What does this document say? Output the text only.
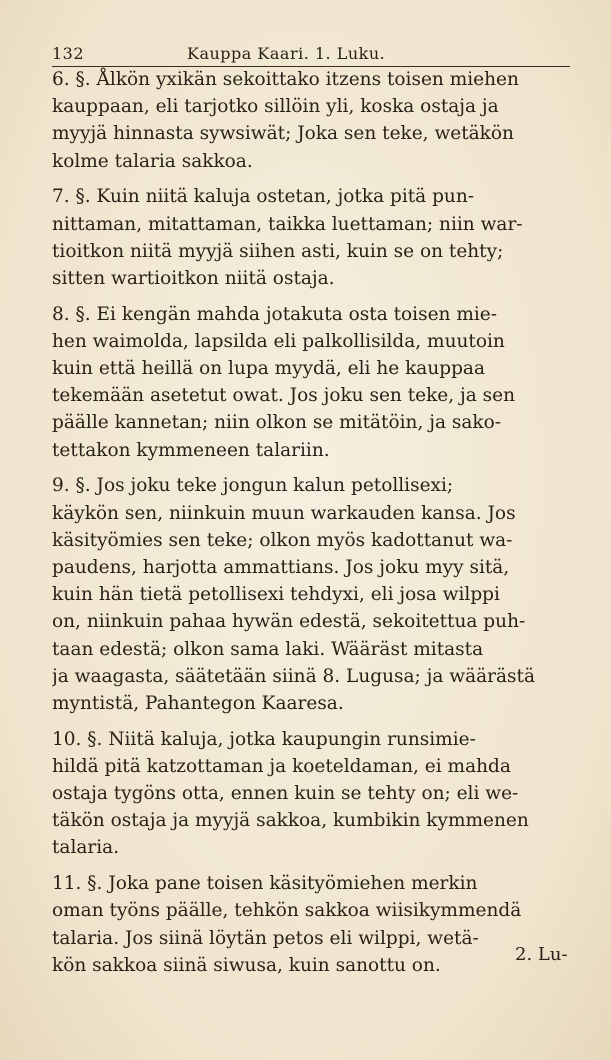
132	Kauppa Kaari. 1. Luku.
6. §. Ålkön yxikän sekoittako itzens toisen miehen
kauppaan, eli tarjotko sillöin yli, koska ostaja ja
myyjä hinnasta sywsiwät; Joka sen teke, wetäkön
kolme talaria sakkoa.
7. §. Kuin niitä kaluja ostetan, jotka pitä pun-
nittaman, mitattaman, taikka luettaman; niin war-
tioitkon niitä myyjä siihen asti, kuin se on tehty;
sitten wartioitkon niitä ostaja.
8. §. Ei kengän mahda jotakuta osta toisen mie-
hen waimolda, lapsilda eli palkollisilda, muutoin
kuin että heillä on lupa myydä, eli he kauppaa
tekemään asetetut owat. Jos joku sen teke, ja sen
päälle kannetan; niin olkon se mitätöin, ja sako-
tettakon kymmeneen talariin.
9. §. Jos joku teke jongun kalun petollisexi;
käykön sen, niinkuin muun warkauden kansa. Jos
käsityömies sen teke; olkon myös kadottanut wa-
paudens, harjotta ammattians. Jos joku myy sitä,
kuin hän tietä petollisexi tehdyxi, eli josa wilppi
on, niinkuin pahaa hywän edestä, sekoitettua puh-
taan edestä; olkon sama laki. Wääräst mitasta
ja waagasta, säätetään siinä 8. Lugusa; ja wäärästä
myntistä, Pahantegon Kaaresa.
10. §. Niitä kaluja, jotka kaupungin runsimie-
hildä pitä katzottaman ja koeteldaman, ei mahda
ostaja tygöns otta, ennen kuin se tehty on; eli we-
täkön ostaja ja myyjä sakkoa, kumbikin kymmenen
talaria.
11. §. Joka pane toisen käsityömiehen merkin
oman työns päälle, tehkön sakkoa wiisikymmendä
talaria. Jos siinä löytän petos eli wilppi, wetä-
kön sakkoa siinä siwusa, kuin sanottu on.
2. Lu-
